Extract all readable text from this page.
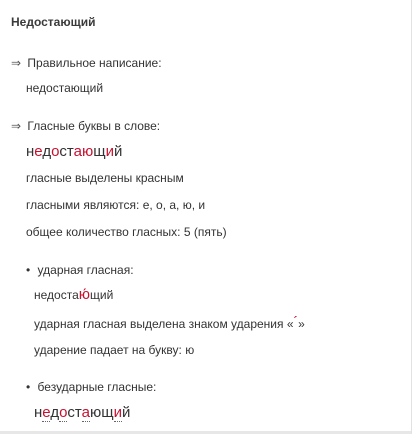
Недостающий
⇒ Правильное написание:
недостающий
⇒ Гласные буквы в слове:
недостающий
гласные выделены красным
гласными являются: е, о, а, ю, и
общее количество гласных: 5 (пять)
• ударная гласная:
недостаю ́щий
ударная гласная выделена знаком ударения «´»
ударение падает на букву: ю
• безударные гласные:
недостающий
